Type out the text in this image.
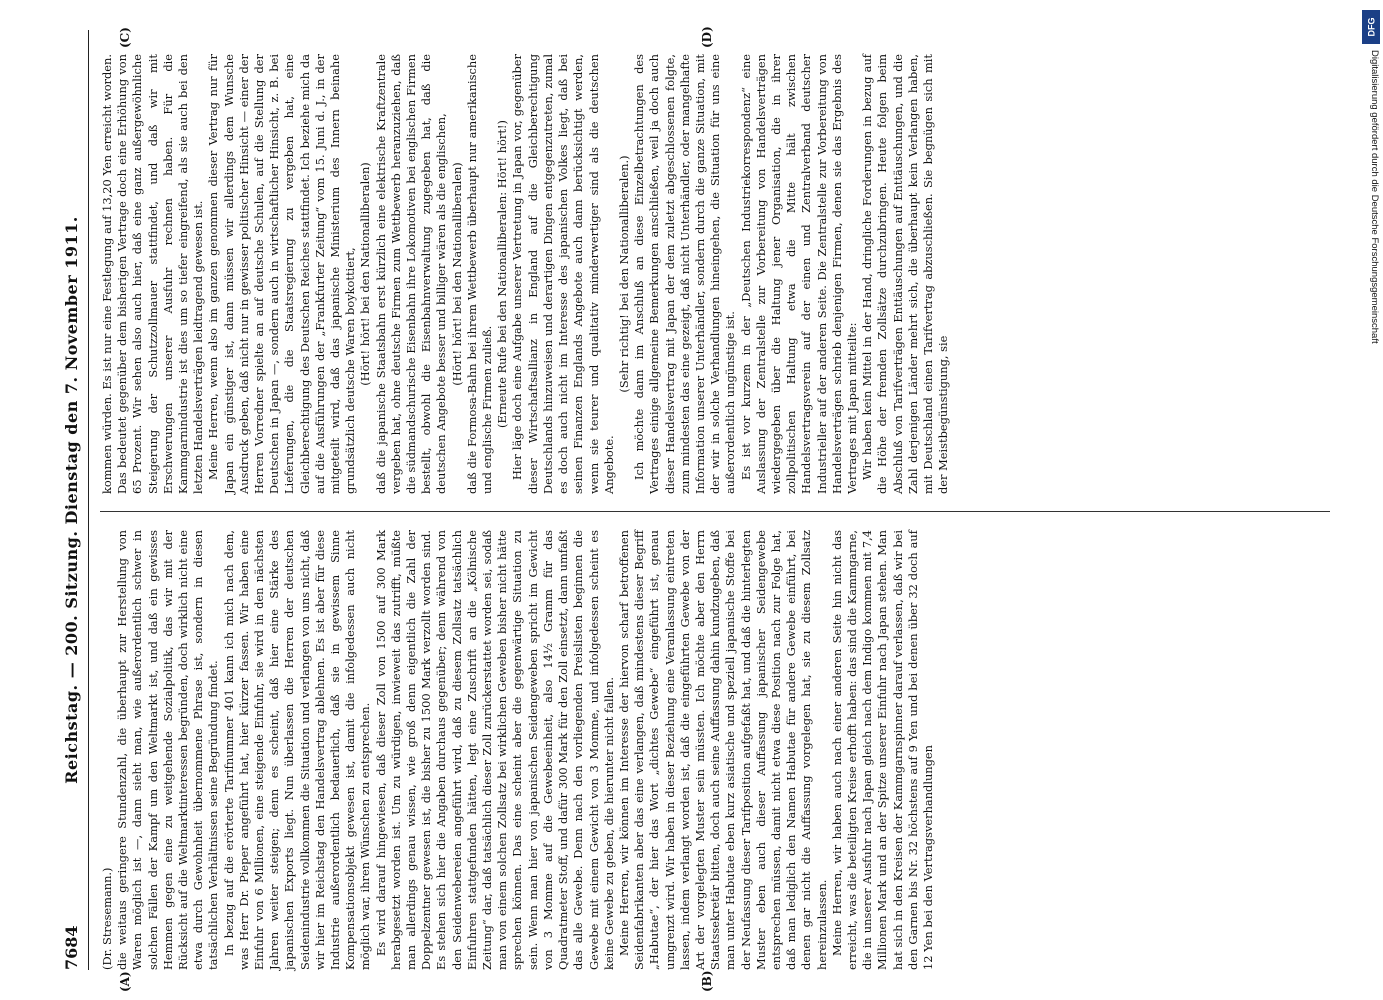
7684
Reichstag. — 200. Sitzung. Dienstag den 7. November 1911.
(A)	(B)

(Dr. Stresemann.) die weitaus geringere Stundenzahl, die überhaupt zur Herstellung von Waren möglich ist —, dann sieht man, wie außerordentlich schwer in solchen Fällen der Kampf um den Weltmarkt ist, und daß ein gewisses Hemmen gegen eine zu weitgehende Sozialpolitik, das wir mit der Rücksicht auf die Weltmarktinteressen begründen, doch wirklich nicht eine etwa durch Gewohnheit übernommene Phrase ist, sondern in diesen tatsächlichen Verhältnissen seine Begründung findet. In bezug auf die erörterte Tarifnummer 401 kann ich mich nach dem, was Herr Dr. Pieper angeführt hat, hier kürzer fassen. Wir haben eine Einfuhr von 6 Millionen, eine steigende Einfuhr, sie wird in den nächsten Jahren weiter steigen; denn es scheint, daß hier eine Stärke des japanischen Exports liegt. Nun überlassen die Herren der deutschen Seidenindustrie vollkommen die Situation und verlangen von uns nicht, daß wir hier im Reichstag den Handelsvertrag ablehnen. Es ist aber für diese Industrie außerordentlich bedauerlich, daß sie in gewissem Sinne Kompensationsobjekt gewesen ist, damit die infolgedessen auch nicht möglich war, ihren Wünschen zu entsprechen. Es wird darauf hingewiesen, daß dieser Zoll von 1500 auf 300 Mark herabgesetzt worden ist. Um zu würdigen, inwieweit das zutrifft, müßte man allerdings genau wissen, wie groß denn eigentlich die Zahl der Doppelzentner gewesen ist, die bisher zu 1500 Mark verzollt worden sind. Es stehen sich hier die Angaben durchaus gegenüber; denn während von den Seidenwebereien angeführt wird, daß zu diesem Zollsatz tatsächlich Einfuhren stattgefunden hätten, legt eine Zuschrift an die „Kölnische Zeitung“ dar, daß tatsächlich dieser Zoll zurückerstattet worden sei, sodaß man von einem solchen Zollsatz bei wirklichen Geweben bisher nicht hätte sprechen können. Das eine scheint aber die gegenwärtige Situation zu sein. Wenn man hier von japanischen Seidengeweben spricht im Gewicht von 3 Momme auf die Gewebeeinheit, also 14⅟₂ Gramm für das Quadratmeter Stoff, und dafür 300 Mark für den Zoll einsetzt, dann umfaßt das alle Gewebe. Denn nach den vorliegenden Preislisten beginnen die Gewebe mit einem Gewicht von 3 Momme, und infolgedessen scheint es keine Gewebe zu geben, die hierunter nicht fallen. Meine Herren, wir können im Interesse der hiervon scharf betroffenen Seidenfabrikanten aber das eine verlangen, daß mindestens dieser Begriff „Habutae“, der hier das Wort „dichtes Gewebe“ eingeführt ist, genau umgrenzt wird. Wir haben in dieser Beziehung eine Veranlassung eintreten lassen, indem verlangt worden ist, daß die eingeführten Gewebe von der Art der vorgelegten Muster sein müssten. Ich möchte aber den Herrn Staatssekretär bitten, doch auch seine Auffassung dahin kundzugeben, daß man unter Habutae eben kurz asiatische und speziell japanische Stoffe bei der Neufassung dieser Tarifposition aufgefaßt hat, und daß die hinterlegten Muster eben auch dieser Auffassung japanischer Seidengewebe entsprechen müssen, damit nicht etwa diese Position nach zur Folge hat, daß man lediglich den Namen Habutae für andere Gewebe einführt, bei denen gar nicht die Auffassung vorgelegen hat, sie zu diesem Zollsatz hereinzulassen. Meine Herren, wir haben auch nach einer anderen Seite hin nicht das erreicht, was die beteiligten Kreise erhofft haben: das sind die Kammgarne, die in unserer Ausfuhr nach Japan gleich nach dem Indigo kommen mit 7,4 Millionen Mark und an der Spitze unserer Einfuhr nach Japan stehen. Man hat sich in den Kreisen der Kammgarnspinner darauf verlassen, daß wir bei den Garnen bis Nr. 32 höchstens auf 9 Yen und bei denen über 32 doch auf 12 Yen bei den Vertragsverhandlungen

(C)	(D)

kommen würden. Es ist nur eine Festlegung auf 13,20 Yen erreicht worden. Das bedeutet gegenüber dem bisherigen Vertrage doch eine Erhöhung von 65 Prozent. Wir sehen also auch hier, daß eine ganz außergewöhnliche Steigerung der Schutzzollmauer stattfindet, und daß wir mit Erschwerungen unserer Ausfuhr rechnen haben. Für die Kammgarnindustrie ist dies um so tiefer eingreifend, als sie auch bei den letzten Handelsverträgen leidtragend gewesen ist. Meine Herren, wenn also im ganzen genommen dieser Vertrag nur für Japan ein günstiger ist, dann müssen wir allerdings dem Wunsche Ausdruck geben, daß nicht nur in gewisser politischer Hinsicht — einer der Herren Vorredner spielte an auf deutsche Schulen, auf die Stellung der Deutschen in Japan —, sondern auch in wirtschaftlicher Hinsicht, z. B. bei Lieferungen, die die Staatsregierung zu vergeben hat, eine Gleichberechtigung des Deutschen Reiches stattfindet. Ich beziehe mich da auf die Ausführungen der „Frankfurter Zeitung“ vom 15. Juni d. J., in der mitgeteilt wird, daß das japanische Ministerium des Innern beinahe grundsätzlich deutsche Waren boykottiert, (Hört! hört! bei den Nationalliberalen) daß die japanische Staatsbahn erst kürzlich eine elektrische Kraftzentrale vergeben hat, ohne deutsche Firmen zum Wettbewerb heranzuziehen, daß die südmandschurische Eisenbahn ihre Lokomotiven bei englischen Firmen bestellt, obwohl die Eisenbahnverwaltung zugegeben hat, daß die deutschen Angebote besser und billiger wären als die englischen, (Hört! hört! bei den Nationalliberalen) daß die Formosa-Bahn bei ihrem Wettbewerb überhaupt nur amerikanische und englische Firmen zuließ. (Erneute Rufe bei den Nationalliberalen: Hört! hört!) Hier läge doch eine Aufgabe unserer Vertretung in Japan vor, gegenüber dieser Wirtschaftsallianz in England auf die Gleichberechtigung Deutschlands hinzuweisen und derartigen Dingen entgegenzutreten, zumal es doch auch nicht im Interesse des japanischen Volkes liegt, daß bei seinen Finanzen Englands Angebote auch dann berücksichtigt werden, wenn sie teurer und qualitativ minderwertiger sind als die deutschen Angebote.

(Sehr richtig! bei den Nationalliberalen.) Ich möchte dann im Anschluß an diese Einzelbetrachtungen des Vertrages einige allgemeine Bemerkungen anschließen, weil ja doch auch dieser Handelsvertrag mit Japan der dem zuletzt abgeschlossenen folgte, zum mindesten das eine gezeigt, daß nicht Unterhändler, oder mangelhafte Information unserer Unterhändler, sondern durch die ganze Situation, mit der wir in solche Verhandlungen hineingehen, die Situation für uns eine außerordentlich ungünstige ist. Es ist vor kurzem in der „Deutschen Industriekorrespondenz“ eine Auslassung der Zentralstelle zur Vorbereitung von Handelsverträgen wiedergegeben über die Haltung jener Organisation, die in ihrer zollpolitischen Haltung etwa die Mitte hält zwischen Handelsvertragsverein auf der einen und Zentralverband deutscher Industrieller auf der anderen Seite. Die Zentralstelle zur Vorbereitung von Handelsverträgen schrieb denjenigen Firmen, denen sie das Ergebnis des Vertrages mit Japan mitteilte: Wir haben kein Mittel in der Hand, dringliche Forderungen in bezug auf die Höhe der fremden Zollsätze durchzubringen. Heute folgen beim Abschluß von Tarifverträgen Enttäuschungen auf Enttäuschungen, und die Zahl derjenigen Länder mehrt sich, die überhaupt kein Verlangen haben, mit Deutschland einen Tarifvertrag abzuschließen. Sie begnügen sich mit der Meistbegünstigung, sie

DFG
Digitalisierung gefördert durch die Deutsche Forschungsgemeinschaft
